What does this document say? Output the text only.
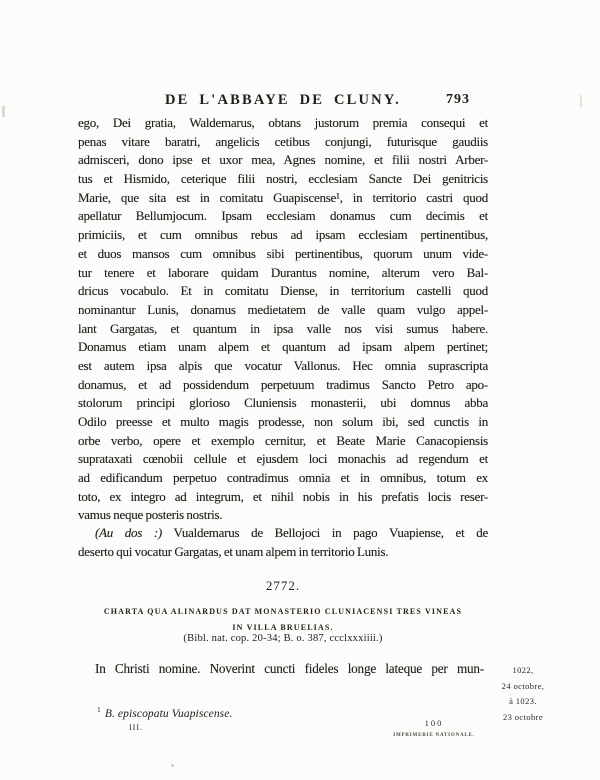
DE L'ABBAYE DE CLUNY.	793
ego, Dei gratia, Waldemarus, obtans justorum premia consequi et
penas vitare baratri, angelicis cetibus conjungi, futurisque gaudiis
admisceri, dono ipse et uxor mea, Agnes nomine, et filii nostri Arber-
tus et Hismido, ceterique filii nostri, ecclesiam Sancte Dei genitricis
Marie, que sita est in comitatu Guapiscense¹, in territorio castri quod
apellatur Bellumjocum. Ipsam ecclesiam donamus cum decimis et
primiciis, et cum omnibus rebus ad ipsam ecclesiam pertinentibus,
et duos mansos cum omnibus sibi pertinentibus, quorum unum vide-
tur tenere et laborare quidam Durantus nomine, alterum vero Bal-
dricus vocabulo. Et in comitatu Diense, in territorium castelli quod
nominantur Lunis, donamus medietatem de valle quam vulgo appel-
lant Gargatas, et quantum in ipsa valle nos visi sumus habere.
Donamus etiam unam alpem et quantum ad ipsam alpem pertinet;
est autem ipsa alpis que vocatur Vallonus. Hec omnia suprascripta
donamus, et ad possidendum perpetuum tradimus Sancto Petro apo-
stolorum principi glorioso Cluniensis monasterii, ubi domnus abba
Odilo preesse et multo magis prodesse, non solum ibi, sed cunctis in
orbe verbo, opere et exemplo cernitur, et Beate Marie Canacopiensis
suprataxati cœnobii cellule et ejusdem loci monachis ad regendum et
ad edificandum perpetuo contradimus omnia et in omnibus, totum ex
toto, ex integro ad integrum, et nihil nobis in his prefatis locis reser-
vamus neque posteris nostris.
(Au dos :) Vualdemarus de Bellojoci in pago Vuapiense, et de
deserto qui vocatur Gargatas, et unam alpem in territorio Lunis.
2772.
CHARTA QUA ALINARDUS DAT MONASTERIO CLUNIACENSI TRES VINEAS
IN VILLA BRUELIAS.
(Bibl. nat. cop. 20-34; B. o. 387, ccclxxxiiii.)
In Christi nomine. Noverint cuncti fideles longe lateque per mun-	1022,
24 octobre,
à 1023.
23 octobre
$^1$ B. episcopatu Vuapiscense.
III.	100
IMPRIMERIE NATIONALE.
